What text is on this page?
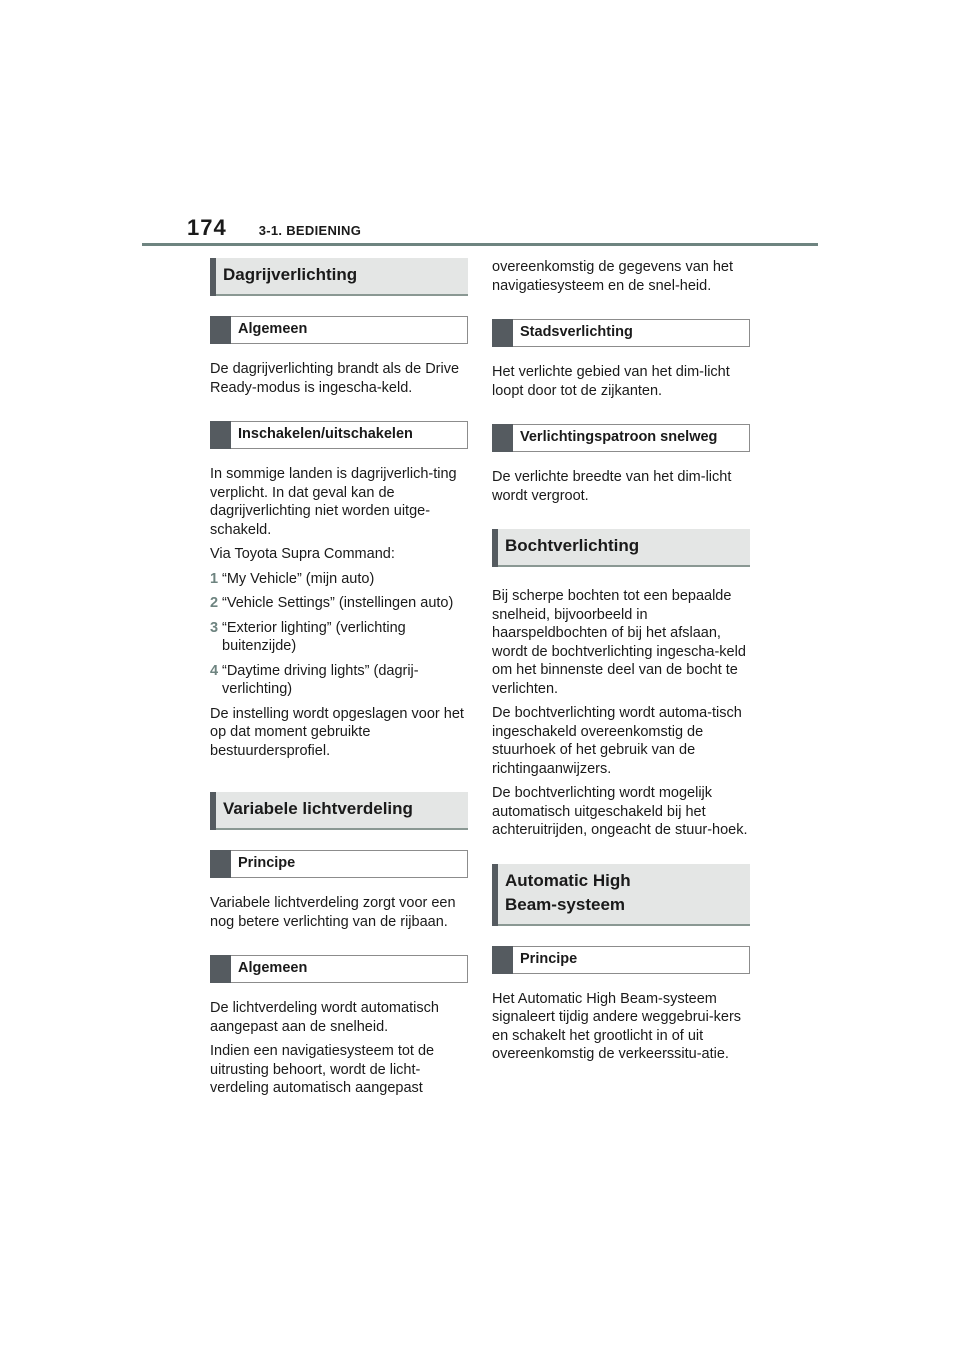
174 3-1. BEDIENING
Dagrijverlichting
Algemeen

De dagrijverlichting brandt als de Drive Ready-modus is ingescha-keld.

Inschakelen/uitschakelen

In sommige landen is dagrijverlich-ting verplicht. In dat geval kan de dagrijverlichting niet worden uitge-schakeld.

Via Toyota Supra Command:

1 “My Vehicle” (mijn auto)
2 “Vehicle Settings” (instellingen auto)
3 “Exterior lighting” (verlichting buitenzijde)
4 “Daytime driving lights” (dagrij-verlichting)

De instelling wordt opgeslagen voor het op dat moment gebruikte bestuurdersprofiel.

Variabele lichtverdeling
Principe

Variabele lichtverdeling zorgt voor een nog betere verlichting van de rijbaan.

Algemeen

De lichtverdeling wordt automatisch aangepast aan de snelheid.

Indien een navigatiesysteem tot de uitrusting behoort, wordt de licht-verdeling automatisch aangepast

overeenkomstig de gegevens van het navigatiesysteem en de snel-heid.

Stadsverlichting

Het verlichte gebied van het dim-licht loopt door tot de zijkanten.

Verlichtingspatroon snelweg

De verlichte breedte van het dim-licht wordt vergroot.

Bochtverlichting

Bij scherpe bochten tot een bepaalde snelheid, bijvoorbeeld in haarspeldbochten of bij het afslaan, wordt de bochtverlichting ingescha-keld om het binnenste deel van de bocht te verlichten.

De bochtverlichting wordt automa-tisch ingeschakeld overeenkomstig de stuurhoek of het gebruik van de richtingaanwijzers.

De bochtverlichting wordt mogelijk automatisch uitgeschakeld bij het achteruitrijden, ongeacht de stuur-hoek.

Automatic High
Beam-systeem
Principe

Het Automatic High Beam-systeem signaleert tijdig andere weggebrui-kers en schakelt het grootlicht in of uit overeenkomstig de verkeerssitu-atie.
